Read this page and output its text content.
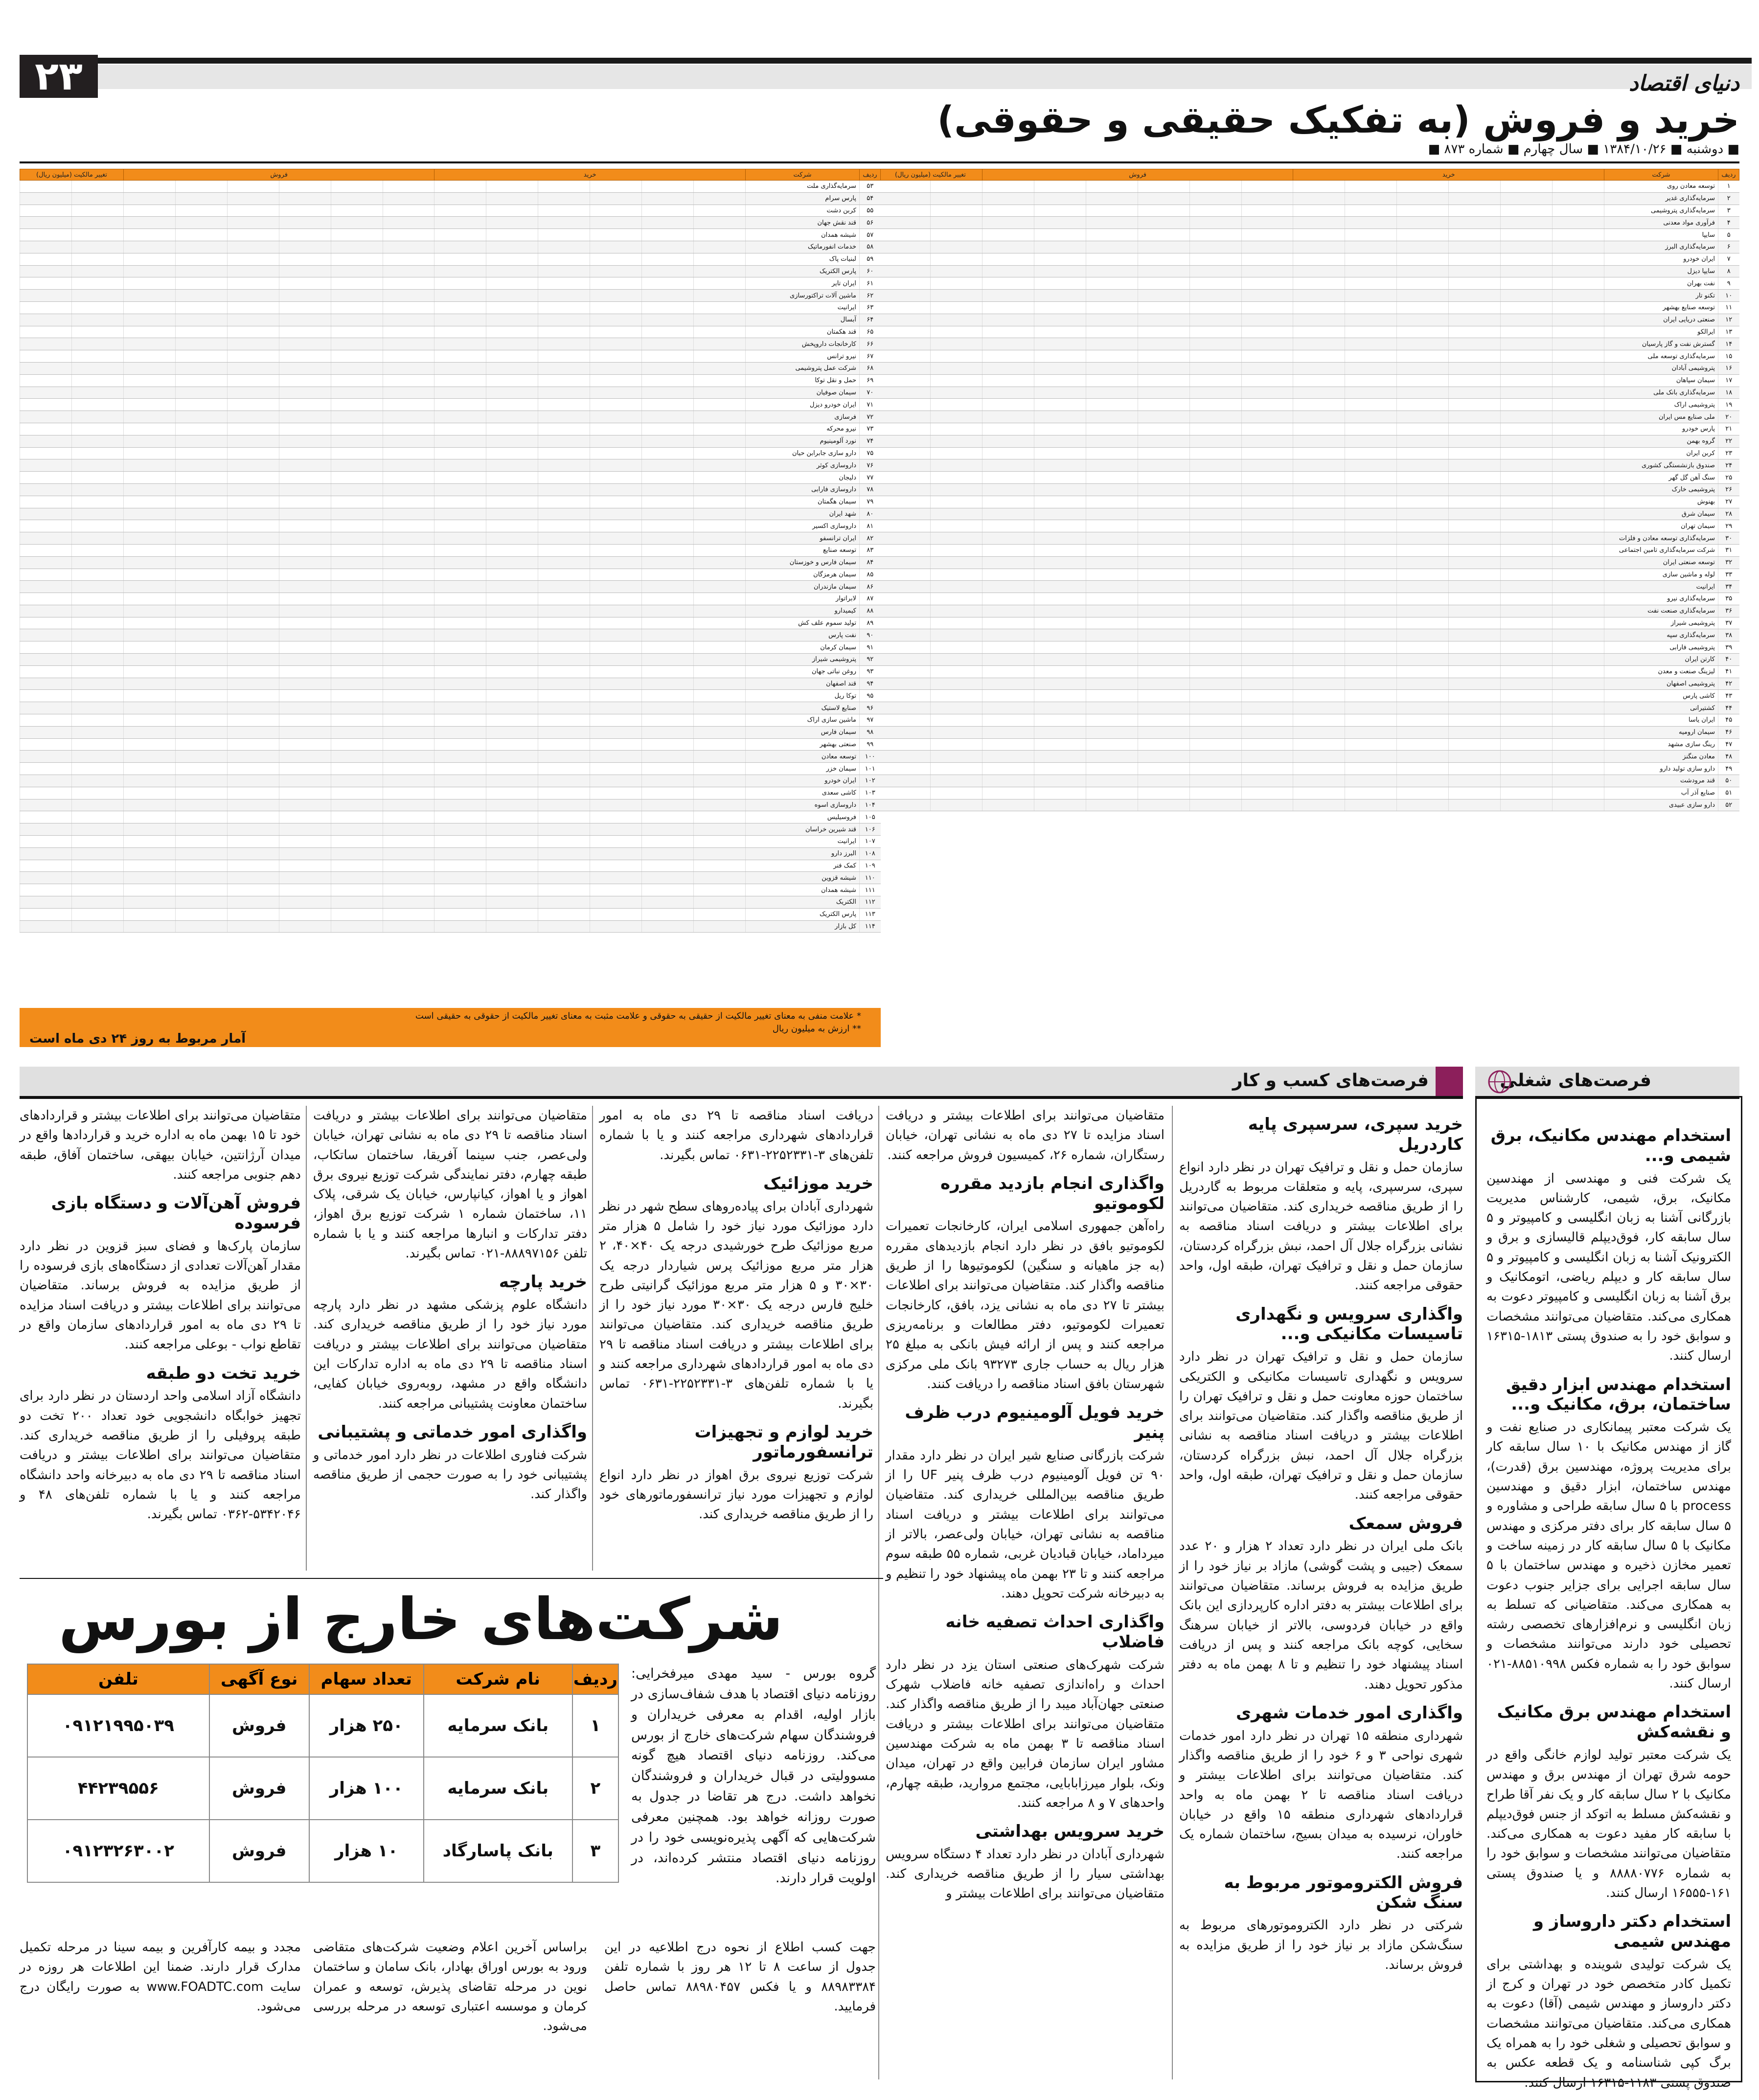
۲۳	دنیای اقتصاد
خرید و فروش (به تفکیک حقیقی و حقوقی)
■ دوشنبه ■ ۱۳۸۴/۱۰/۲۶ ■ سال چهارم ■ شماره ۸۷۳ ■
ردیف	شرکت	خرید						فروش						تغییر مالکیت (میلیون ریال)	
۱	توسعه معادن روی														
۲	سرمایه‌گذاری غدیر														
۳	سرمایه‌گذاری پتروشیمی														
۴	فرآوری مواد معدنی														
۵	سایپا														
۶	سرمایه‌گذاری البرز														
۷	ایران خودرو														
۸	سایپا دیزل														
۹	نفت بهران														
۱۰	تکنو تار														
۱۱	توسعه صنایع بهشهر														
۱۲	صنعتی دریایی ایران														
۱۳	ایرالکو														
۱۴	گسترش نفت و گاز پارسیان														
۱۵	سرمایه‌گذاری توسعه ملی														
۱۶	پتروشیمی آبادان														
۱۷	سیمان سپاهان														
۱۸	سرمایه‌گذاری بانک ملی														
۱۹	پتروشیمی اراک														
۲۰	ملی صنایع مس ایران														
۲۱	پارس خودرو														
۲۲	گروه بهمن														
۲۳	کربن ایران														
۲۴	صندوق بازنشستگی کشوری														
۲۵	سنگ آهن گل گهر														
۲۶	پتروشیمی خارک														
۲۷	بهنوش														
۲۸	سیمان شرق														
۲۹	سیمان تهران														
۳۰	سرمایه‌گذاری توسعه معادن و فلزات														
۳۱	شرکت سرمایه‌گذاری تامین اجتماعی														
۳۲	توسعه صنعتی ایران														
۳۳	لوله و ماشین سازی														
۳۴	ایرانیت														
۳۵	سرمایه‌گذاری نیرو														
۳۶	سرمایه‌گذاری صنعت نفت														
۳۷	پتروشیمی شیراز														
۳۸	سرمایه‌گذاری سپه														
۳۹	پتروشیمی فارابی														
۴۰	کارتن ایران														
۴۱	لیزینگ صنعت و معدن														
۴۲	پتروشیمی اصفهان														
۴۳	کاشی پارس														
۴۴	کشتیرانی														
۴۵	ایران یاسا														
۴۶	سیمان ارومیه														
۴۷	رینگ سازی مشهد														
۴۸	معادن منگنز														
۴۹	دارو سازی تولید دارو														
۵۰	قند مرودشت														
۵۱	صنایع آذر آب														
۵۲	دارو سازی عبیدی														
ردیف	شرکت	خرید						فروش						تغییر مالکیت (میلیون ریال)	
۵۳	سرمایه‌گذاری ملت														
۵۴	پارس سرام														
۵۵	کربن دشت														
۵۶	قند نقش جهان														
۵۷	شیشه همدان														
۵۸	خدمات انفورماتیک														
۵۹	لبنیات پاک														
۶۰	پارس الکتریک														
۶۱	ایران تایر														
۶۲	ماشین آلات تراکتورسازی														
۶۳	ایرانیت														
۶۴	آبسال														
۶۵	قند هکمتان														
۶۶	کارخانجات داروپخش														
۶۷	نیرو ترانس														
۶۸	شرکت عمل پتروشیمی														
۶۹	حمل و نقل توکا														
۷۰	سیمان صوفیان														
۷۱	ایران خودرو دیزل														
۷۲	فرسازی														
۷۳	نیرو محرکه														
۷۴	نورد آلومینیوم														
۷۵	دارو سازی جابرابن حیان														
۷۶	داروسازی کوثر														
۷۷	دلیجان														
۷۸	داروسازی فارابی														
۷۹	سیمان هگمتان														
۸۰	شهد ایران														
۸۱	داروسازی اکسیر														
۸۲	ایران ترانسفو														
۸۳	توسعه صنایع														
۸۴	سیمان فارس و خوزستان														
۸۵	سیمان هرمزگان														
۸۶	سیمان مازندران														
۸۷	لابراتوار														
۸۸	کیمیدارو														
۸۹	تولید سموم علف کش														
۹۰	نفت پارس														
۹۱	سیمان کرمان														
۹۲	پتروشیمی شیراز														
۹۳	روغن نباتی جهان														
۹۴	قند اصفهان														
۹۵	توکا ریل														
۹۶	صنایع لاستیک														
۹۷	ماشین سازی اراک														
۹۸	سیمان فارس														
۹۹	صنعتی بهشهر														
۱۰۰	توسعه معادن														
۱۰۱	سیمان خزر														
۱۰۲	ایران خودرو														
۱۰۳	کاشی سعدی														
۱۰۴	داروسازی اسوه														
۱۰۵	فروسیلیس														
۱۰۶	قند شیرین خراسان														
۱۰۷	ایرانیت														
۱۰۸	البرز دارو														
۱۰۹	کمک فنر														
۱۱۰	شیشه قزوین														
۱۱۱	شیشه همدان														
۱۱۲	الکتریک														
۱۱۳	پارس الکتریک														
۱۱۴	کل بازار														
* علامت منفی به معنای تغییر مالکیت از حقیقی به حقوقی و علامت مثبت به معنای تغییر مالکیت از حقوقی به حقیقی است
** ارزش به میلیون ریال
آمار مربوط به روز ۲۴ دی ماه است
فرصت‌های کسب و کار	فرصت‌های شغلی
استخدام مهندس مکانیک، برق شیمی و...

یک شرکت فنی و مهندسی از مهندسین مکانیک، برق، شیمی، کارشناس مدیریت بازرگانی آشنا به زبان انگلیسی و کامپیوتر و ۵ سال سابقه کار، فوق‌دیپلم قالیسازی و برق و الکترونیک آشنا به زبان انگلیسی و کامپیوتر و ۵ سال سابقه کار و دیپلم ریاضی، اتومکانیک و برق آشنا به زبان انگلیسی و کامپیوتر دعوت به همکاری می‌کند. متقاضیان می‌توانند مشخصات و سوابق خود را به صندوق پستی ۱۸۱۳-۱۶۳۱۵ ارسال کنند.

استخدام مهندس ابزار دقیق ساختمان، برق، مکانیک و...

یک شرکت معتبر پیمانکاری در صنایع نفت و گاز از مهندس مکانیک با ۱۰ سال سابقه کار برای مدیریت پروژه، مهندسین برق (قدرت)، مهندس ساختمان، ابزار دقیق و مهندسین process با ۵ سال سابقه طراحی و مشاوره و ۵ سال سابقه کار برای دفتر مرکزی و مهندس مکانیک با ۵ سال سابقه کار در زمینه ساخت و تعمیر مخازن ذخیره و مهندس ساختمان با ۵ سال سابقه اجرایی برای جزایر جنوب دعوت به همکاری می‌کند. متقاضیانی که تسلط به زبان انگلیسی و نرم‌افزارهای تخصصی رشته تحصیلی خود دارند می‌توانند مشخصات و سوابق خود را به شماره فکس ۸۸۵۱۰۹۹۸-۰۲۱ ارسال کنند.

استخدام مهندس برق مکانیک و نقشه‌کش

یک شرکت معتبر تولید لوازم خانگی واقع در حومه شرق تهران از مهندس برق و مهندس مکانیک با ۲ سال سابقه کار و یک نفر آقا طراح و نقشه‌کش مسلط به اتوکد از جنس فوق‌دیپلم با سابقه کار مفید دعوت به همکاری می‌کند. متقاضیان می‌توانند مشخصات و سوابق خود را به شماره ۸۸۸۸۰۷۷۶ و یا صندوق پستی ۱۶۱-۱۶۵۵۵ ارسال کنند.

استخدام دکتر داروساز و مهندس شیمی

یک شرکت تولیدی شوینده و بهداشتی برای تکمیل کادر متخصص خود در تهران و کرج از دکتر داروساز و مهندس شیمی (آقا) دعوت به همکاری می‌کند. متقاضیان می‌توانند مشخصات و سوابق تحصیلی و شغلی خود را به همراه یک برگ کپی شناسنامه و یک قطعه عکس به صندوق پستی ۱۱۸۳-۱۶۳۱۵ ارسال کنند.

خرید سپری، سرسپری پایه کاردریل

سازمان حمل و نقل و ترافیک تهران در نظر دارد انواع سپری، سرسپری، پایه و متعلقات مربوط به گاردریل را از طریق مناقصه خریداری کند. متقاضیان می‌توانند برای اطلاعات بیشتر و دریافت اسناد مناقصه به نشانی بزرگراه جلال آل احمد، نبش بزرگراه کردستان، سازمان حمل و نقل و ترافیک تهران، طبقه اول، واحد حقوقی مراجعه کنند.

واگذاری سرویس و نگهداری تاسیسات مکانیکی و...

سازمان حمل و نقل و ترافیک تهران در نظر دارد سرویس و نگهداری تاسیسات مکانیکی و الکتریکی ساختمان حوزه معاونت حمل و نقل و ترافیک تهران را از طریق مناقصه واگذار کند. متقاضیان می‌توانند برای اطلاعات بیشتر و دریافت اسناد مناقصه به نشانی بزرگراه جلال آل احمد، نبش بزرگراه کردستان، سازمان حمل و نقل و ترافیک تهران، طبقه اول، واحد حقوقی مراجعه کنند.

فروش سمعک

بانک ملی ایران در نظر دارد تعداد ۲ هزار و ۲۰ عدد سمعک (جیبی و پشت گوشی) مازاد بر نیاز خود را از طریق مزایده به فروش برساند. متقاضیان می‌توانند برای اطلاعات بیشتر به دفتر اداره کارپردازی این بانک واقع در خیابان فردوسی، بالاتر از خیابان سرهنگ سخایی، کوچه بانک مراجعه کنند و پس از دریافت اسناد پیشنهاد خود را تنظیم و تا ۸ بهمن ماه به دفتر مذکور تحویل دهند.

واگذاری امور خدمات شهری

شهرداری منطقه ۱۵ تهران در نظر دارد امور خدمات شهری نواحی ۳ و ۶ خود را از طریق مناقصه واگذار کند. متقاضیان می‌توانند برای اطلاعات بیشتر و دریافت اسناد مناقصه تا ۲ بهمن ماه به واحد قراردادهای شهرداری منطقه ۱۵ واقع در خیابان خاوران، نرسیده به میدان بسیج، ساختمان شماره یک مراجعه کنند.

فروش الکتروموتور مربوط به سنگ شکن

شرکتی در نظر دارد الکتروموتورهای مربوط به سنگ‌شکن مازاد بر نیاز خود را از طریق مزایده به فروش برساند.

متقاضیان می‌توانند برای اطلاعات بیشتر و دریافت اسناد مزایده تا ۲۷ دی ماه به نشانی تهران، خیابان رستگاران، شماره ۲۶، کمیسیون فروش مراجعه کنند.

واگذاری انجام بازدید مقرره لکوموتیو

راه‌آهن جمهوری اسلامی ایران، کارخانجات تعمیرات لکوموتیو بافق در نظر دارد انجام بازدیدهای مقرره (به جز ماهیانه و سنگین) لکوموتیوها را از طریق مناقصه واگذار کند. متقاضیان می‌توانند برای اطلاعات بیشتر تا ۲۷ دی ماه به نشانی یزد، بافق، کارخانجات تعمیرات لکوموتیو، دفتر مطالعات و برنامه‌ریزی مراجعه کنند و پس از ارائه فیش بانکی به مبلغ ۲۵ هزار ریال به حساب جاری ۹۳۲۷۳ بانک ملی مرکزی شهرستان بافق اسناد مناقصه را دریافت کنند.

خرید فویل آلومینیوم درب ظرف پنیر

شرکت بازرگانی صنایع شیر ایران در نظر دارد مقدار ۹۰ تن فویل آلومینیوم درب ظرف پنیر UF را از طریق مناقصه بین‌المللی خریداری کند. متقاضیان می‌توانند برای اطلاعات بیشتر و دریافت اسناد مناقصه به نشانی تهران، خیابان ولی‌عصر، بالاتر از میرداماد، خیابان قبادیان غربی، شماره ۵۵ طبقه سوم مراجعه کنند و تا ۲۳ بهمن ماه پیشنهاد خود را تنظیم و به دبیرخانه شرکت تحویل دهند.

واگذاری احداث تصفیه خانه فاضلاب

شرکت شهرک‌های صنعتی استان یزد در نظر دارد احداث و راه‌اندازی تصفیه خانه فاضلاب شهرک صنعتی جهان‌آباد میبد را از طریق مناقصه واگذار کند. متقاضیان می‌توانند برای اطلاعات بیشتر و دریافت اسناد مناقصه تا ۳ بهمن ماه به شرکت مهندسین مشاور ایران سازمان فرابین واقع در تهران، میدان ونک، بلوار میرزابابایی، مجتمع مروارید، طبقه چهارم، واحدهای ۷ و ۸ مراجعه کنند.

خرید سرویس بهداشتی

شهرداری آبادان در نظر دارد تعداد ۴ دستگاه سرویس بهداشتی سیار را از طریق مناقصه خریداری کند. متقاضیان می‌توانند برای اطلاعات بیشتر و

دریافت اسناد مناقصه تا ۲۹ دی ماه به امور قراردادهای شهرداری مراجعه کنند و یا با شماره تلفن‌های ۳-۲۲۵۲۳۳۱-۰۶۳۱ تماس بگیرند.

خرید موزائیک

شهرداری آبادان برای پیاده‌روهای سطح شهر در نظر دارد موزائیک مورد نیاز خود را شامل ۵ هزار متر مربع موزائیک طرح خورشیدی درجه یک ۴۰×۴۰، ۲ هزار متر مربع موزائیک پرس شیاردار درجه یک ۳۰×۳۰ و ۵ هزار متر مربع موزائیک گرانیتی طرح خلیج فارس درجه یک ۳۰×۳۰ مورد نیاز خود را از طریق مناقصه خریداری کند. متقاضیان می‌توانند برای اطلاعات بیشتر و دریافت اسناد مناقصه تا ۲۹ دی ماه به امور قراردادهای شهرداری مراجعه کنند و یا با شماره تلفن‌های ۳-۲۲۵۲۳۳۱-۰۶۳۱ تماس بگیرند.

خرید لوازم و تجهیزات ترانسفورماتور

شرکت توزیع نیروی برق اهواز در نظر دارد انواع لوازم و تجهیزات مورد نیاز ترانسفورماتورهای خود را از طریق مناقصه خریداری کند.

متقاضیان می‌توانند برای اطلاعات بیشتر و دریافت اسناد مناقصه تا ۲۹ دی ماه به نشانی تهران، خیابان ولی‌عصر، جنب سینما آفریقا، ساختمان ساتکاب، طبقه چهارم، دفتر نمایندگی شرکت توزیع نیروی برق اهواز و یا اهواز، کیانپارس، خیابان یک شرقی، پلاک ۱۱، ساختمان شماره ۱ شرکت توزیع برق اهواز، دفتر تدارکات و انبارها مراجعه کنند و یا با شماره تلفن ۸۸۸۹۷۱۵۶-۰۲۱ تماس بگیرند.

خرید پارچه

دانشگاه علوم پزشکی مشهد در نظر دارد پارچه مورد نیاز خود را از طریق مناقصه خریداری کند. متقاضیان می‌توانند برای اطلاعات بیشتر و دریافت اسناد مناقصه تا ۲۹ دی ماه به اداره تدارکات این دانشگاه واقع در مشهد، روبه‌روی خیابان کفایی، ساختمان معاونت پشتیبانی مراجعه کنند.

واگذاری امور خدماتی و پشتیبانی

شرکت فناوری اطلاعات در نظر دارد امور خدماتی و پشتیبانی خود را به صورت حجمی از طریق مناقصه واگذار کند.

متقاضیان می‌توانند برای اطلاعات بیشتر و قراردادهای خود تا ۱۵ بهمن ماه به اداره خرید و قراردادها واقع در میدان آرژانتین، خیابان بیهقی، ساختمان آفاق، طبقه دهم جنوبی مراجعه کنند.

فروش آهن‌آلات و دستگاه بازی فرسوده

سازمان پارک‌ها و فضای سبز قزوین در نظر دارد مقدار آهن‌آلات تعدادی از دستگاه‌های بازی فرسوده را از طریق مزایده به فروش برساند. متقاضیان می‌توانند برای اطلاعات بیشتر و دریافت اسناد مزایده تا ۲۹ دی ماه به امور قراردادهای سازمان واقع در تقاطع نواب - بوعلی مراجعه کنند.

خرید تخت دو طبقه

دانشگاه آزاد اسلامی واحد اردستان در نظر دارد برای تجهیز خوابگاه دانشجویی خود تعداد ۲۰۰ تخت دو طبقه پروفیلی را از طریق مناقصه خریداری کند. متقاضیان می‌توانند برای اطلاعات بیشتر و دریافت اسناد مناقصه تا ۲۹ دی ماه به دبیرخانه واحد دانشگاه مراجعه کنند و یا با شماره تلفن‌های ۴۸ و ۵۳۴۲۰۴۶-۰۳۶۲ تماس بگیرند.

شرکت‌های خارج از بورس
ردیف	نام شرکت	تعداد سهام	نوع آگهی	تلفن
۱	بانک سرمایه	۲۵۰ هزار	فروش	۰۹۱۲۱۹۹۵۰۳۹
۲	بانک سرمایه	۱۰۰ هزار	فروش	۴۴۲۳۹۵۵۶
۳	بانک پاسارگاد	۱۰ هزار	فروش	۰۹۱۲۳۲۶۳۰۰۲
گروه بورس - سید مهدی میرفخرایی: روزنامه دنیای اقتصاد با هدف شفاف‌سازی در بازار اولیه، اقدام به معرفی خریداران و فروشندگان سهام شرکت‌های خارج از بورس می‌کند. روزنامه دنیای اقتصاد هیچ گونه مسوولیتی در قبال خریداران و فروشندگان نخواهد داشت. درج هر تقاضا در جدول به صورت روزانه خواهد بود. همچنین معرفی شرکت‌هایی که آگهی پذیره‌نویسی خود را در روزنامه دنیای اقتصاد منتشر کرده‌اند، در اولویت قرار دارند.
جهت کسب اطلاع از نحوه درج اطلاعیه در این جدول از ساعت ۸ تا ۱۲ هر روز با شماره تلفن ۸۸۹۸۳۳۸۴ و یا فکس ۸۸۹۸۰۴۵۷ تماس حاصل فرمایید.
براساس آخرین اعلام وضعیت شرکت‌های متقاضی ورود به بورس اوراق بهادار، بانک سامان و ساختمان نوین در مرحله تقاضای پذیرش، توسعه و عمران کرمان و موسسه اعتباری توسعه در مرحله بررسی می‌شود.
مجدد و بیمه کارآفرین و بیمه سینا در مرحله تکمیل مدارک قرار دارند. ضمنا این اطلاعات هر روزه در سایت www.FOADTC.com به صورت رایگان درج می‌شود.
